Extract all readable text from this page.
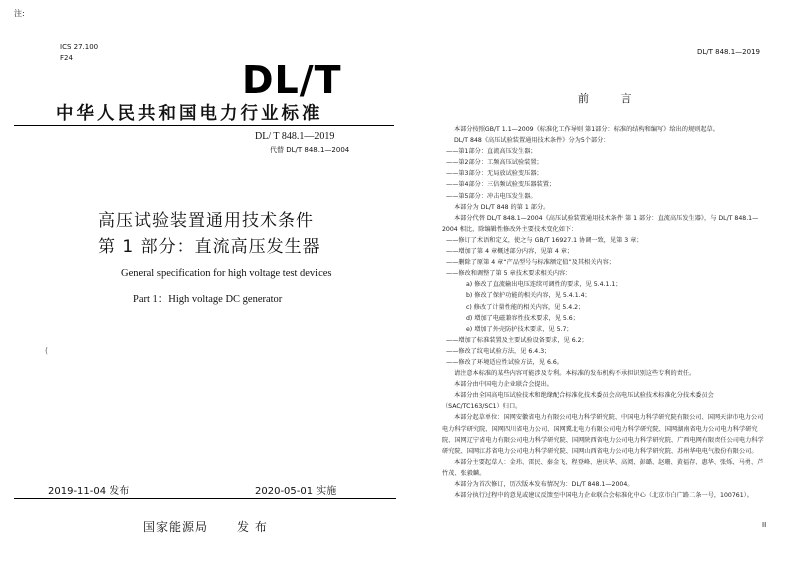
注:
ICS 27.100
F24	DL/T
中华人民共和国电力行业标准
DL/ T 848.1—2019
代替 DL/T 848.1—2004
高压试验装置通用技术条件
第 1 部分：直流高压发生器
General specification for high voltage test devices
Part 1：High voltage DC generator
(
2019-11-04 发布	2020-05-01 实施
国家能源局 发 布
DL/T 848.1—2019
前 言

本部分按照GB/T 1.1—2009《标准化工作导则 第1部分：标准的结构和编写》给出的规则起草。

DL/T 848《高压试验装置通用技术条件》分为5个部分：

——第1部分：直流高压发生器；

——第2部分：工频高压试验装置；

——第3部分：无局放试验变压器；

——第4部分：三倍频试验变压器装置；

——第5部分：冲击电压发生器。

本部分为 DL/T 848 的第 1 部分。

本部分代替 DL/T 848.1—2004《高压试验装置通用技术条件 第 1 部分：直流高压发生器》，与 DL/T 848.1—2004 相比，除编辑性修改外主要技术变化如下：

——修订了术语和定义，使之与 GB/T 16927.1 协调一致，见第 3 章；

——增加了第 4 章概述部分内容，见第 4 章；

——删除了原第 4 章“产品型号与标准额定值”及其相关内容；

——修改和调整了第 5 章技术要求相关内容：

a) 修改了直流输出电压连续可调性的要求，见 5.4.1.1；

b) 修改了保护功能的相关内容，见 5.4.1.4；

c) 修改了计量性能的相关内容，见 5.4.2；

d) 增加了电磁兼容性技术要求，见 5.6；

e) 增加了外壳防护技术要求，见 5.7；

——增加了标准装置及主要试验设备要求，见 6.2；

——修改了纹电试验方法，见 6.4.3；

——修改了环境适应性试验方法，见 6.6。

请注意本标准的某些内容可能涉及专利。本标准的发布机构不承担识别这些专利的责任。

本部分由中国电力企业联合会提出。

本部分由全国高电压试验技术和绝缘配合标准化技术委员会高电压试验技术标准化分技术委员会（SAC/TC163/SC1）归口。

本部分起草单位：国网安徽省电力有限公司电力科学研究院、中国电力科学研究院有限公司、国网天津市电力公司电力科学研究院、国网四川省电力公司、国网冀北电力有限公司电力科学研究院、国网湖南省电力公司电力科学研究院、国网辽宁省电力有限公司电力科学研究院、国网陕西省电力公司电力科学研究院、广西电网有限责任公司电力科学研究院、国网江苏省电力公司电力科学研究院、国网山西省电力公司电力科学研究院、苏州华电电气股份有限公司。

本部分主要起草人：金玮、雷民、秦金飞、程登峰、唐庆华、高阅、彭璐、赵珊、黄福存、惠华、张烁、马勇、芦竹茂、张毅麟。

本部分为首次修订，历次版本发布情况为：DL/T 848.1—2004。

本部分执行过程中的意见或建议反馈至中国电力企业联合会标准化中心（北京市白广路二条一号，100761）。

II
